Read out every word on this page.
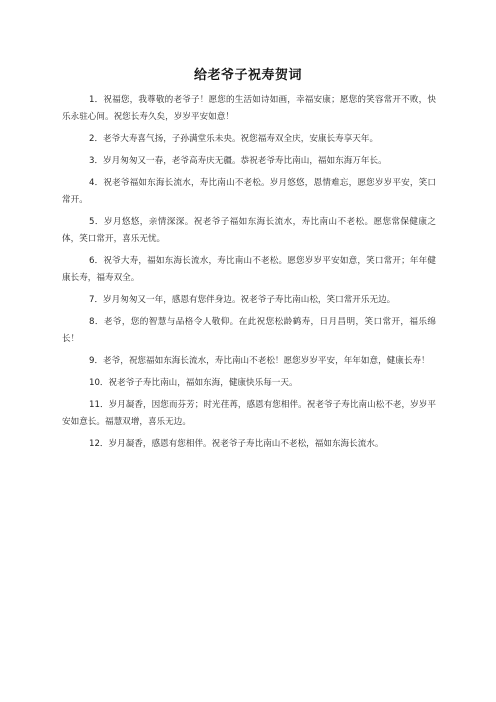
给老爷子祝寿贺词

1．祝福您，我尊敬的老爷子！愿您的生活如诗如画，幸福安康；愿您的笑容常开不败，快乐永驻心间。祝您长寿久矣，岁岁平安如意！

2．老爷大寿喜气扬，子孙满堂乐未央。祝您福寿双全庆，安康长寿享天年。

3．岁月匆匆又一春，老爷高寿庆无疆。恭祝老爷寿比南山，福如东海万年长。

4．祝老爷福如东海长流水，寿比南山不老松。岁月悠悠，恩情难忘，愿您岁岁平安，笑口常开。

5．岁月悠悠，亲情深深。祝老爷子福如东海长流水，寿比南山不老松。愿您常保健康之体，笑口常开，喜乐无忧。

6．祝爷大寿，福如东海长流水，寿比南山不老松。愿您岁岁平安如意，笑口常开；年年健康长寿，福寿双全。

7．岁月匆匆又一年，感恩有您伴身边。祝老爷子寿比南山松，笑口常开乐无边。

8．老爷，您的智慧与品格令人敬仰。在此祝您松龄鹤寿，日月昌明，笑口常开，福乐绵长！

9．老爷，祝您福如东海长流水，寿比南山不老松！愿您岁岁平安，年年如意，健康长寿！

10．祝老爷子寿比南山，福如东海，健康快乐每一天。

11．岁月凝香，因您而芬芳；时光荏苒，感恩有您相伴。祝老爷子寿比南山松不老，岁岁平安如意长。福慧双增，喜乐无边。

12．岁月凝香，感恩有您相伴。祝老爷子寿比南山不老松，福如东海长流水。
